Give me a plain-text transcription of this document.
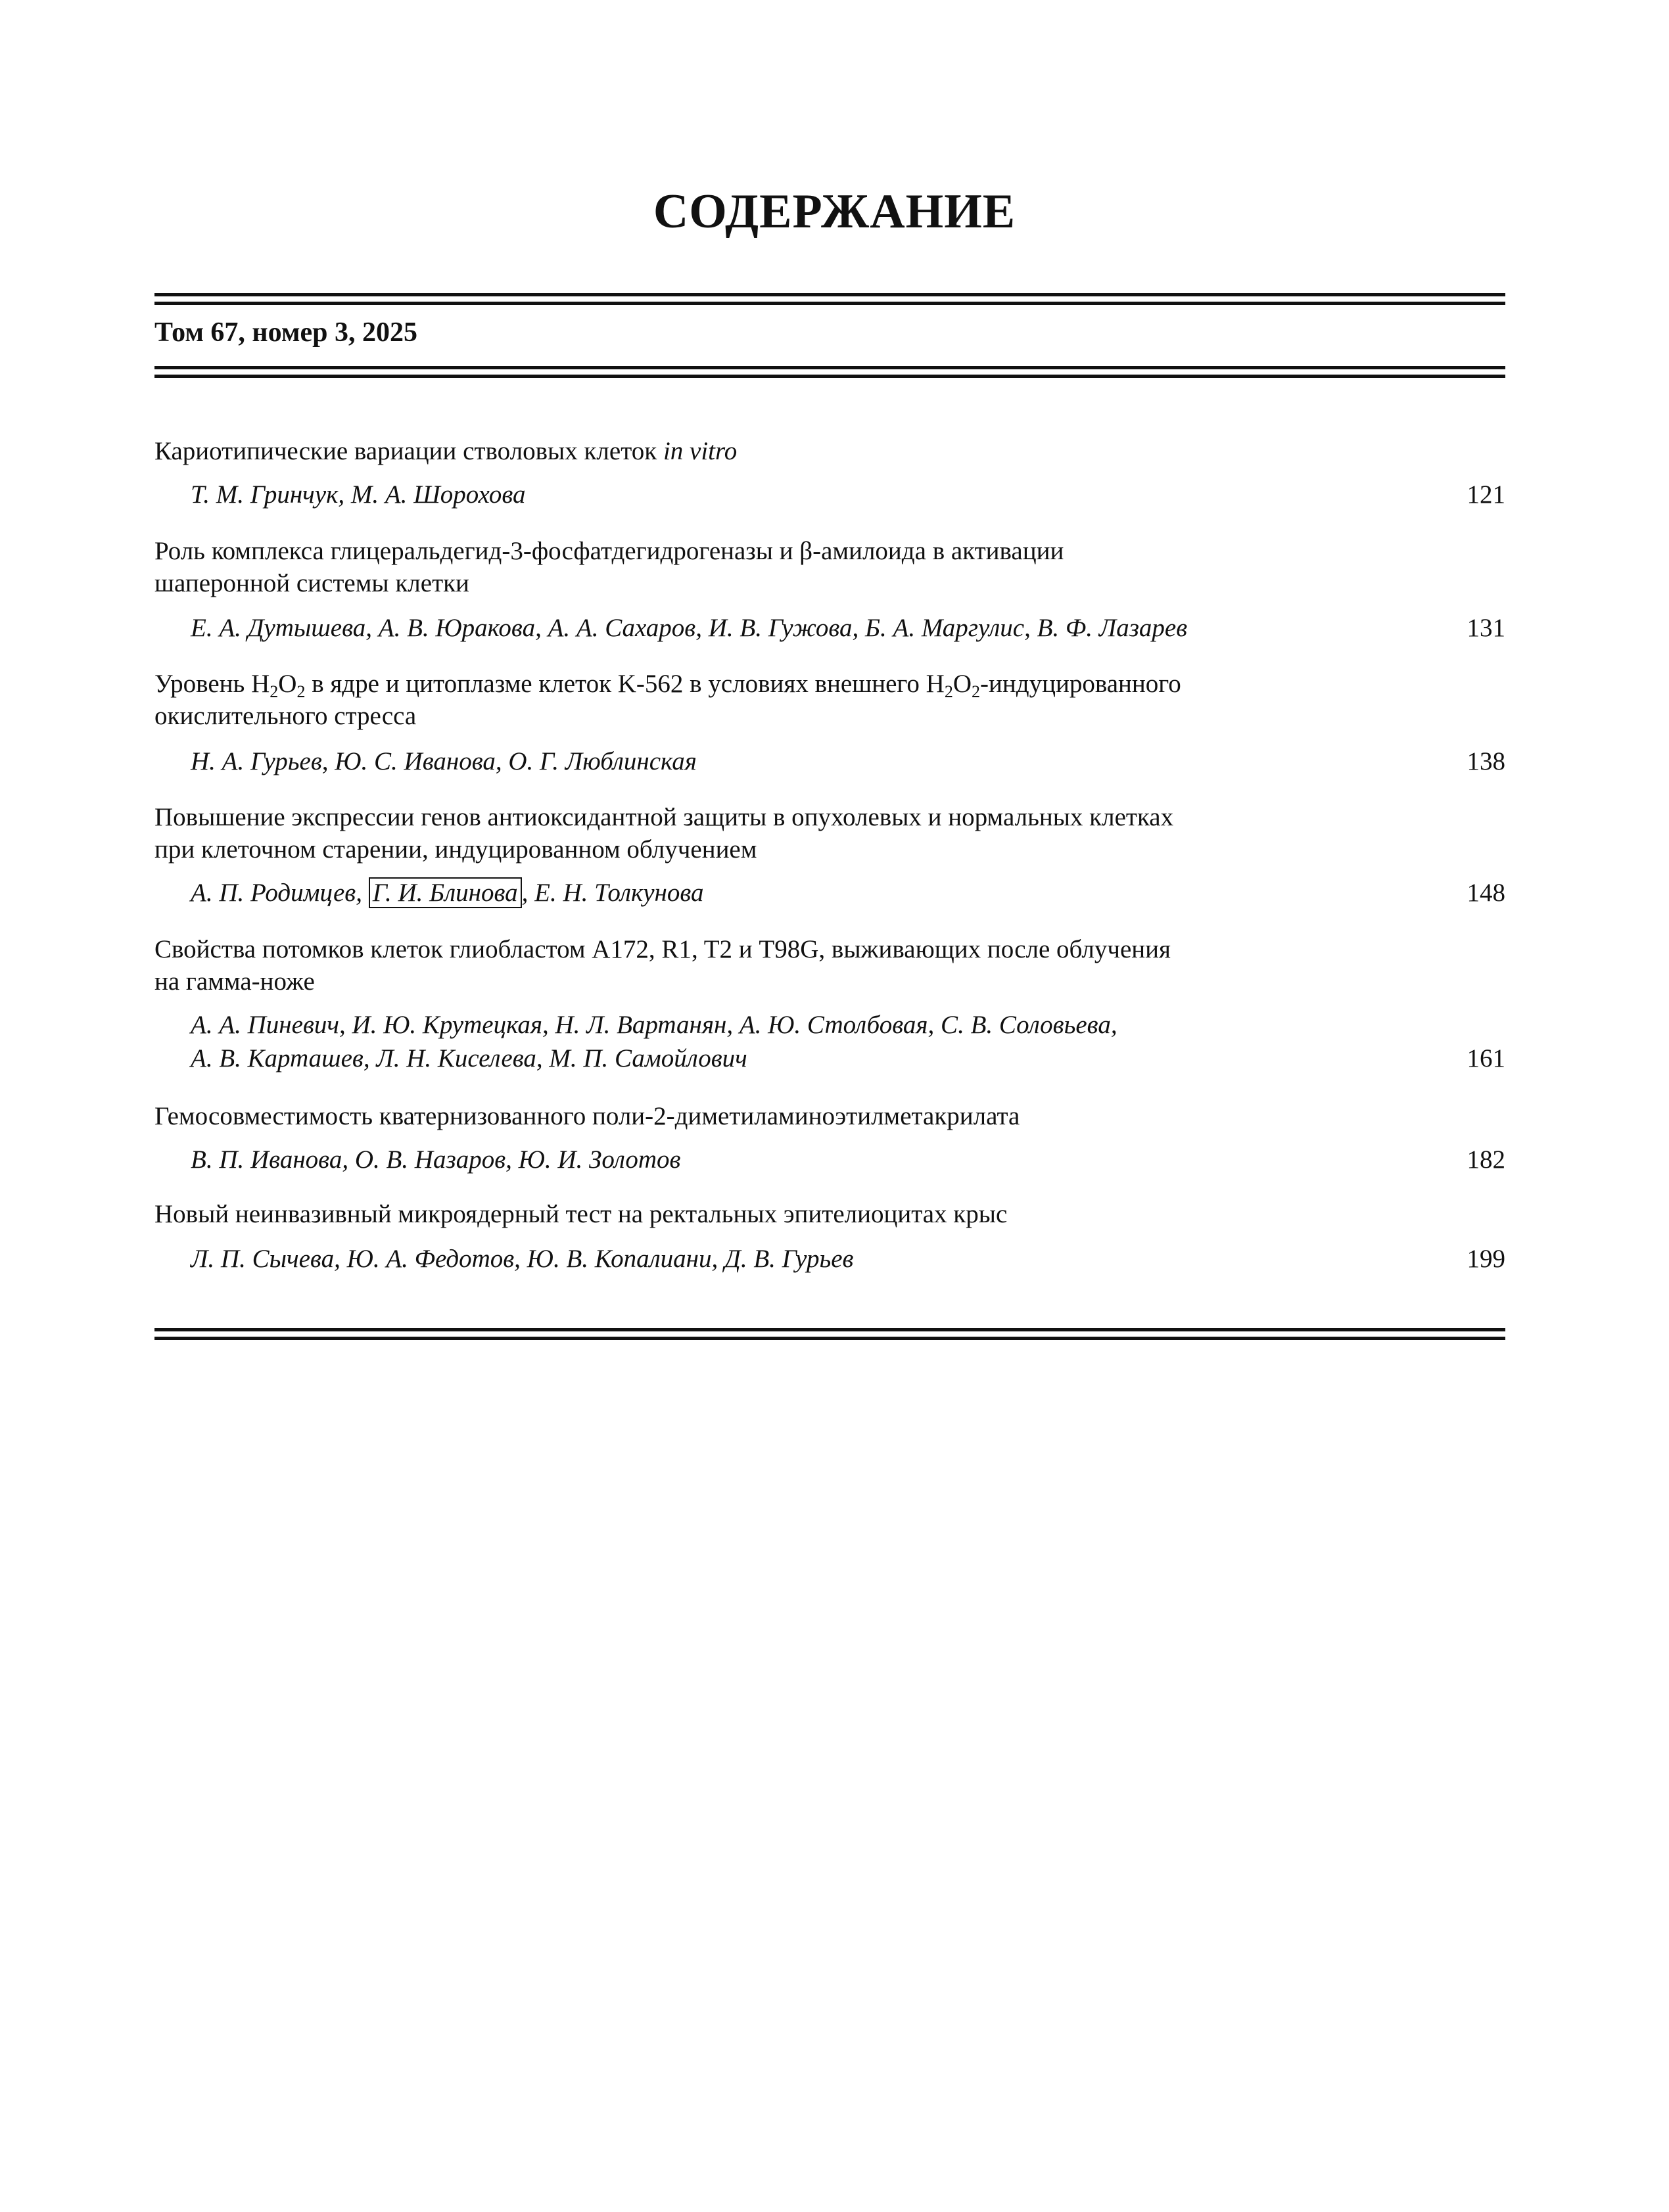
СОДЕРЖАНИЕ
Том 67, номер 3, 2025
Кариотипические вариации стволовых клеток in vitro
Т. М. Гринчук, М. А. Шорохова	121
Роль комплекса глицеральдегид-3-фосфатдегидрогеназы и β-амилоида в активации
шаперонной системы клетки
Е. А. Дутышева, А. В. Юракова, А. А. Сахаров, И. В. Гужова, Б. А. Маргулис, В. Ф. Лазарев	131
Уровень $H_2O_2$ в ядре и цитоплазме клеток K-562 в условиях внешнего $H_2O_2$-индуцированного
окислительного стресса
Н. А. Гурьев, Ю. С. Иванова, О. Г. Люблинская	138
Повышение экспрессии генов антиоксидантной защиты в опухолевых и нормальных клетках
при клеточном старении, индуцированном облучением
А. П. Родимцев, Г. И. Блинова , Е. Н. Толкунова	148
Свойства потомков клеток глиобластом A172, R1, T2 и T98G, выживающих после облучения
на гамма-ноже
А. А. Пиневич, И. Ю. Крутецкая, Н. Л. Вартанян, А. Ю. Столбовая, С. В. Соловьева,
А. В. Карташев, Л. Н. Киселева, М. П. Самойлович	161
Гемосовместимость кватернизованного поли-2-диметиламиноэтилметакрилата
В. П. Иванова, О. В. Назаров, Ю. И. Золотов	182
Новый неинвазивный микроядерный тест на ректальных эпителиоцитах крыс
Л. П. Сычева, Ю. А. Федотов, Ю. В. Копалиани, Д. В. Гурьев	199
